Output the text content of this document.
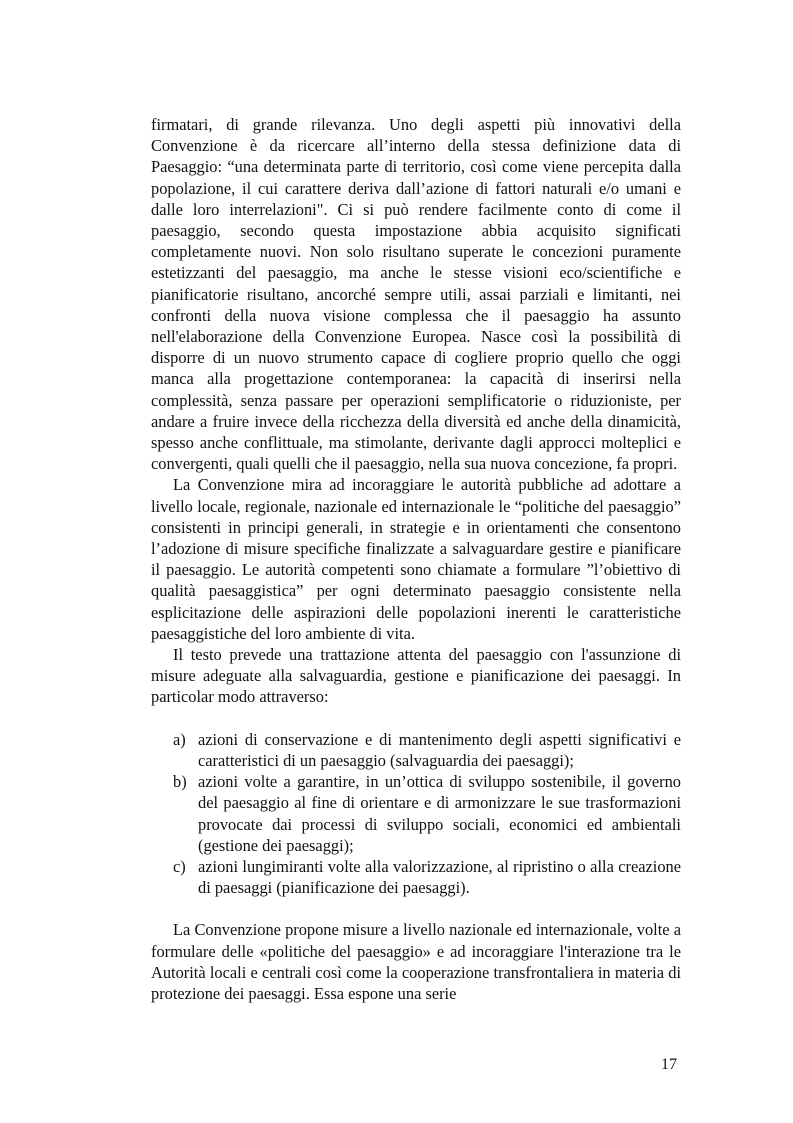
firmatari, di grande rilevanza. Uno degli aspetti più innovativi della Convenzione è da ricercare all’interno della stessa definizione data di Paesaggio: “una determinata parte di territorio, così come viene percepita dalla popolazione, il cui carattere deriva dall’azione di fattori naturali e/o umani e dalle loro interrelazioni". Ci si può rendere facilmente conto di come il paesaggio, secondo questa impostazione abbia acquisito significati completamente nuovi. Non solo risultano superate le concezioni puramente estetizzanti del paesaggio, ma anche le stesse visioni eco/scientifiche e pianificatorie risultano, ancorché sempre utili, assai parziali e limitanti, nei confronti della nuova visione complessa che il paesaggio ha assunto nell'elaborazione della Convenzione Europea. Nasce così la possibilità di disporre di un nuovo strumento capace di cogliere proprio quello che oggi manca alla progettazione contemporanea: la capacità di inserirsi nella complessità, senza passare per operazioni semplificatorie o riduzioniste, per andare a fruire invece della ricchezza della diversità ed anche della dinamicità, spesso anche conflittuale, ma stimolante, derivante dagli approcci molteplici e convergenti, quali quelli che il paesaggio, nella sua nuova concezione, fa propri.

La Convenzione mira ad incoraggiare le autorità pubbliche ad adottare a livello locale, regionale, nazionale ed internazionale le “politiche del paesaggio” consistenti in principi generali, in strategie e in orientamenti che consentono l’adozione di misure specifiche finalizzate a salvaguardare gestire e pianificare il paesaggio. Le autorità competenti sono chiamate a formulare ”l’obiettivo di qualità paesaggistica” per ogni determinato paesaggio consistente nella esplicitazione delle aspirazioni delle popolazioni inerenti le caratteristiche paesaggistiche del loro ambiente di vita.

Il testo prevede una trattazione attenta del paesaggio con l'assunzione di misure adeguate alla salvaguardia, gestione e pianificazione dei paesaggi. In particolar modo attraverso:

a) azioni di conservazione e di mantenimento degli aspetti significativi e caratteristici di un paesaggio (salvaguardia dei paesaggi);
b) azioni volte a garantire, in un’ottica di sviluppo sostenibile, il governo del paesaggio al fine di orientare e di armonizzare le sue trasformazioni provocate dai processi di sviluppo sociali, economici ed ambientali (gestione dei paesaggi);
c) azioni lungimiranti volte alla valorizzazione, al ripristino o alla creazione di paesaggi (pianificazione dei paesaggi).

La Convenzione propone misure a livello nazionale ed internazionale, volte a formulare delle «politiche del paesaggio» e ad incoraggiare l'interazione tra le Autorità locali e centrali così come la cooperazione transfrontaliera in materia di protezione dei paesaggi. Essa espone una serie

17
